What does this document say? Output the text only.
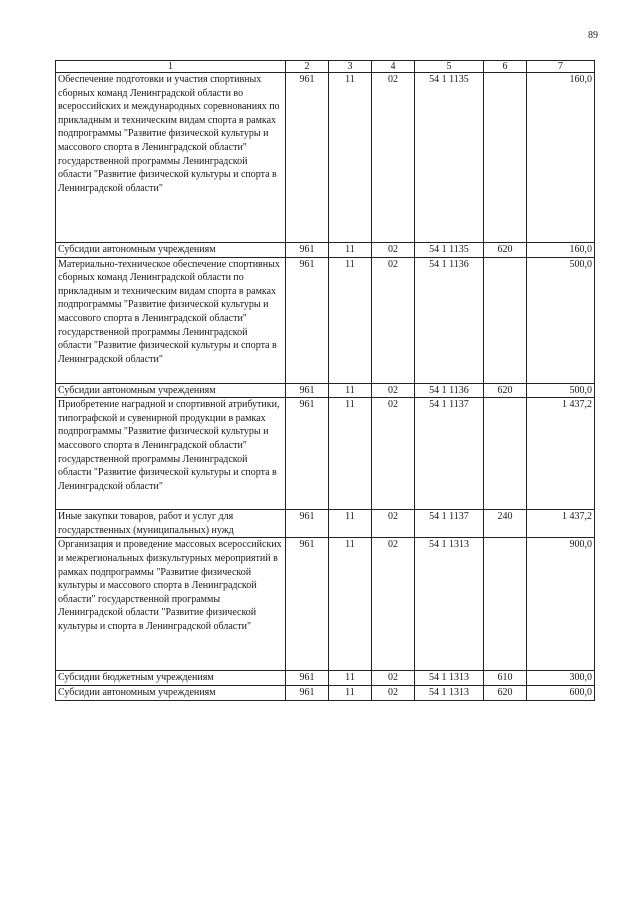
89
1	2	3	4	5	6	7
Обеспечение подготовки и участия спортивных сборных команд Ленинградской области во всероссийских и международных соревнованиях по прикладным и техническим видам спорта в рамках подпрограммы "Развитие физической культуры и массового спорта в Ленинградской области" государственной программы Ленинградской области "Развитие физической культуры и спорта в Ленинградской области"	961	11	02	54 1 1135		160,0
Субсидии автономным учреждениям	961	11	02	54 1 1135	620	160,0
Материально-техническое обеспечение спортивных сборных команд Ленинградской области по прикладным и техническим видам спорта в рамках подпрограммы "Развитие физической культуры и массового спорта в Ленинградской области" государственной программы Ленинградской области "Развитие физической культуры и спорта в Ленинградской области"	961	11	02	54 1 1136		500,0
Субсидии автономным учреждениям	961	11	02	54 1 1136	620	500,0
Приобретение наградной и спортивной атрибутики, типографской и сувенирной продукции в рамках подпрограммы "Развитие физической культуры и массового спорта в Ленинградской области" государственной программы Ленинградской области "Развитие физической культуры и спорта в Ленинградской области"	961	11	02	54 1 1137		1 437,2
Иные закупки товаров, работ и услуг для государственных (муниципальных) нужд	961	11	02	54 1 1137	240	1 437,2
Организация и проведение массовых всероссийских и межрегиональных физкультурных мероприятий в рамках подпрограммы "Развитие физической культуры и массового спорта в Ленинградской области" государственной программы Ленинградской области "Развитие физической культуры и спорта в Ленинградской области"	961	11	02	54 1 1313		900,0
Субсидии бюджетным учреждениям	961	11	02	54 1 1313	610	300,0
Субсидии автономным учреждениям	961	11	02	54 1 1313	620	600,0
